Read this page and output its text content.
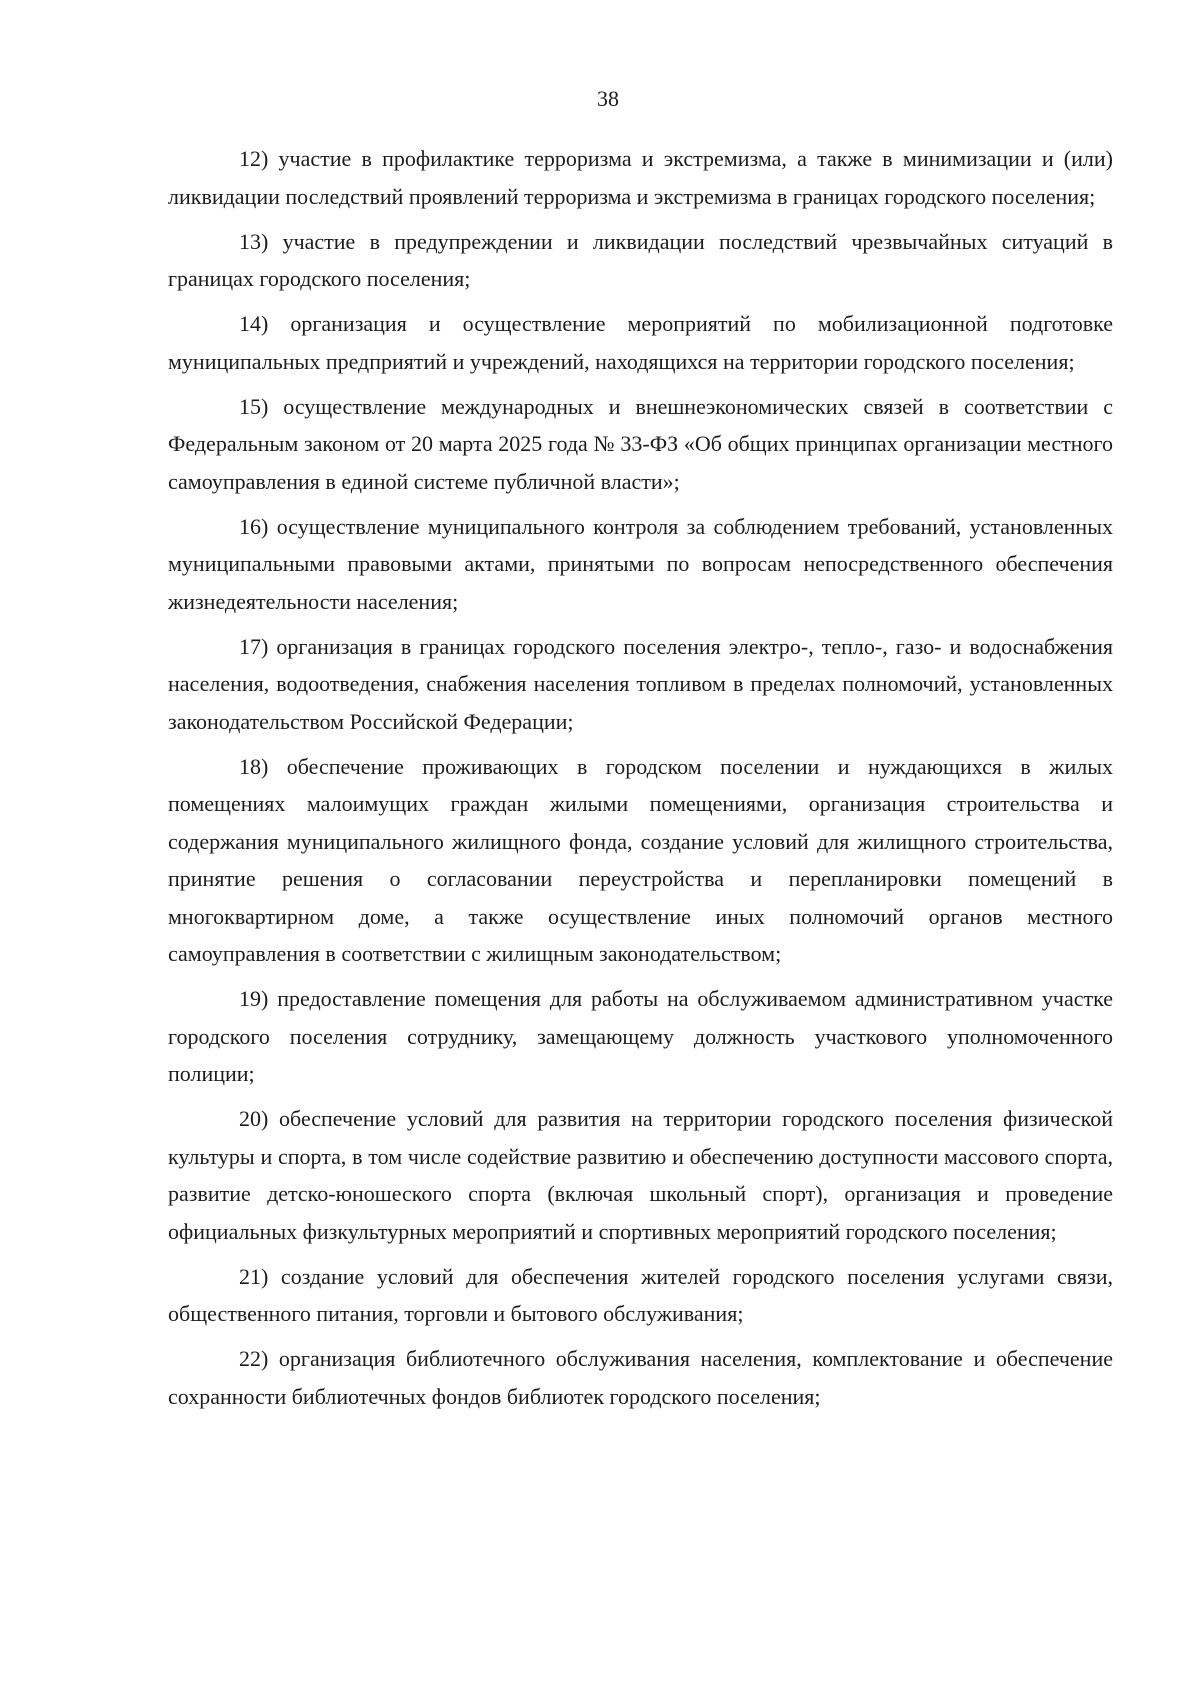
38

12) участие в профилактике терроризма и экстремизма, а также в минимизации и (или) ликвидации последствий проявлений терроризма и экстремизма в границах городского поселения;

13) участие в предупреждении и ликвидации последствий чрезвычайных ситуаций в границах городского поселения;

14) организация и осуществление мероприятий по мобилизационной подготовке муниципальных предприятий и учреждений, находящихся на территории городского поселения;

15) осуществление международных и внешнеэкономических связей в соответствии с Федеральным законом от 20 марта 2025 года № 33-ФЗ «Об общих принципах организации местного самоуправления в единой системе публичной власти»;

16) осуществление муниципального контроля за соблюдением требований, установленных муниципальными правовыми актами, принятыми по вопросам непосредственного обеспечения жизнедеятельности населения;

17) организация в границах городского поселения электро-, тепло-, газо- и водоснабжения населения, водоотведения, снабжения населения топливом в пределах полномочий, установленных законодательством Российской Федерации;

18) обеспечение проживающих в городском поселении и нуждающихся в жилых помещениях малоимущих граждан жилыми помещениями, организация строительства и содержания муниципального жилищного фонда, создание условий для жилищного строительства, принятие решения о согласовании переустройства и перепланировки помещений в многоквартирном доме, а также осуществление иных полномочий органов местного самоуправления в соответствии с жилищным законодательством;

19) предоставление помещения для работы на обслуживаемом административном участке городского поселения сотруднику, замещающему должность участкового уполномоченного полиции;

20) обеспечение условий для развития на территории городского поселения физической культуры и спорта, в том числе содействие развитию и обеспечению доступности массового спорта, развитие детско-юношеского спорта (включая школьный спорт), организация и проведение официальных физкультурных мероприятий и спортивных мероприятий городского поселения;

21) создание условий для обеспечения жителей городского поселения услугами связи, общественного питания, торговли и бытового обслуживания;

22) организация библиотечного обслуживания населения, комплектование и обеспечение сохранности библиотечных фондов библиотек городского поселения;
